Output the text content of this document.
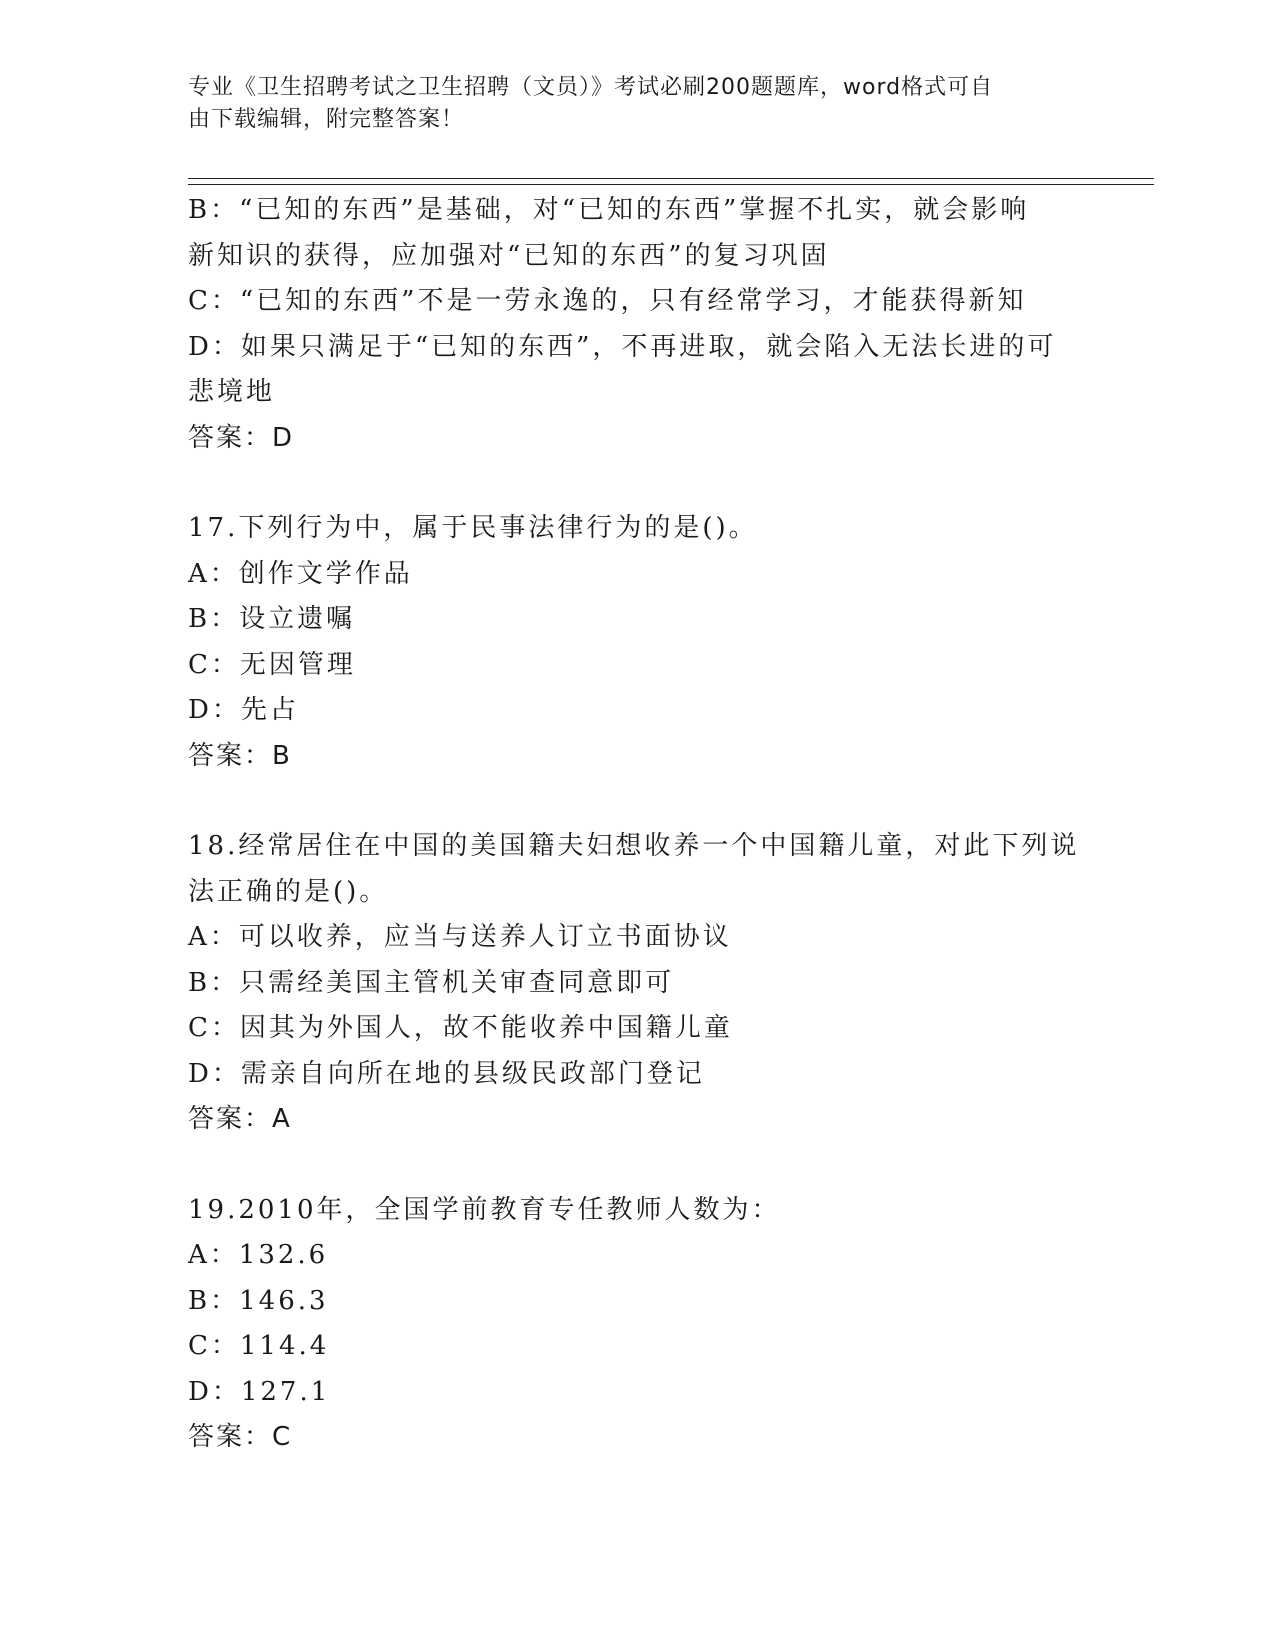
专业《卫生招聘考试之卫生招聘（文员）》考试必刷200题题库，word格式可自
由下载编辑，附完整答案！
B：“已知的东西”是基础，对“已知的东西”掌握不扎实，就会影响
新知识的获得，应加强对“已知的东西”的复习巩固
C：“已知的东西”不是一劳永逸的，只有经常学习，才能获得新知
D：如果只满足于“已知的东西”，不再进取，就会陷入无法长进的可
悲境地
答案：D
17.下列行为中，属于民事法律行为的是()。
A：创作文学作品
B：设立遗嘱
C：无因管理
D：先占
答案：B
18.经常居住在中国的美国籍夫妇想收养一个中国籍儿童，对此下列说
法正确的是()。
A：可以收养，应当与送养人订立书面协议
B：只需经美国主管机关审查同意即可
C：因其为外国人，故不能收养中国籍儿童
D：需亲自向所在地的县级民政部门登记
答案：A
19.2010年，全国学前教育专任教师人数为：
A：132.6
B：146.3
C：114.4
D：127.1
答案：C
